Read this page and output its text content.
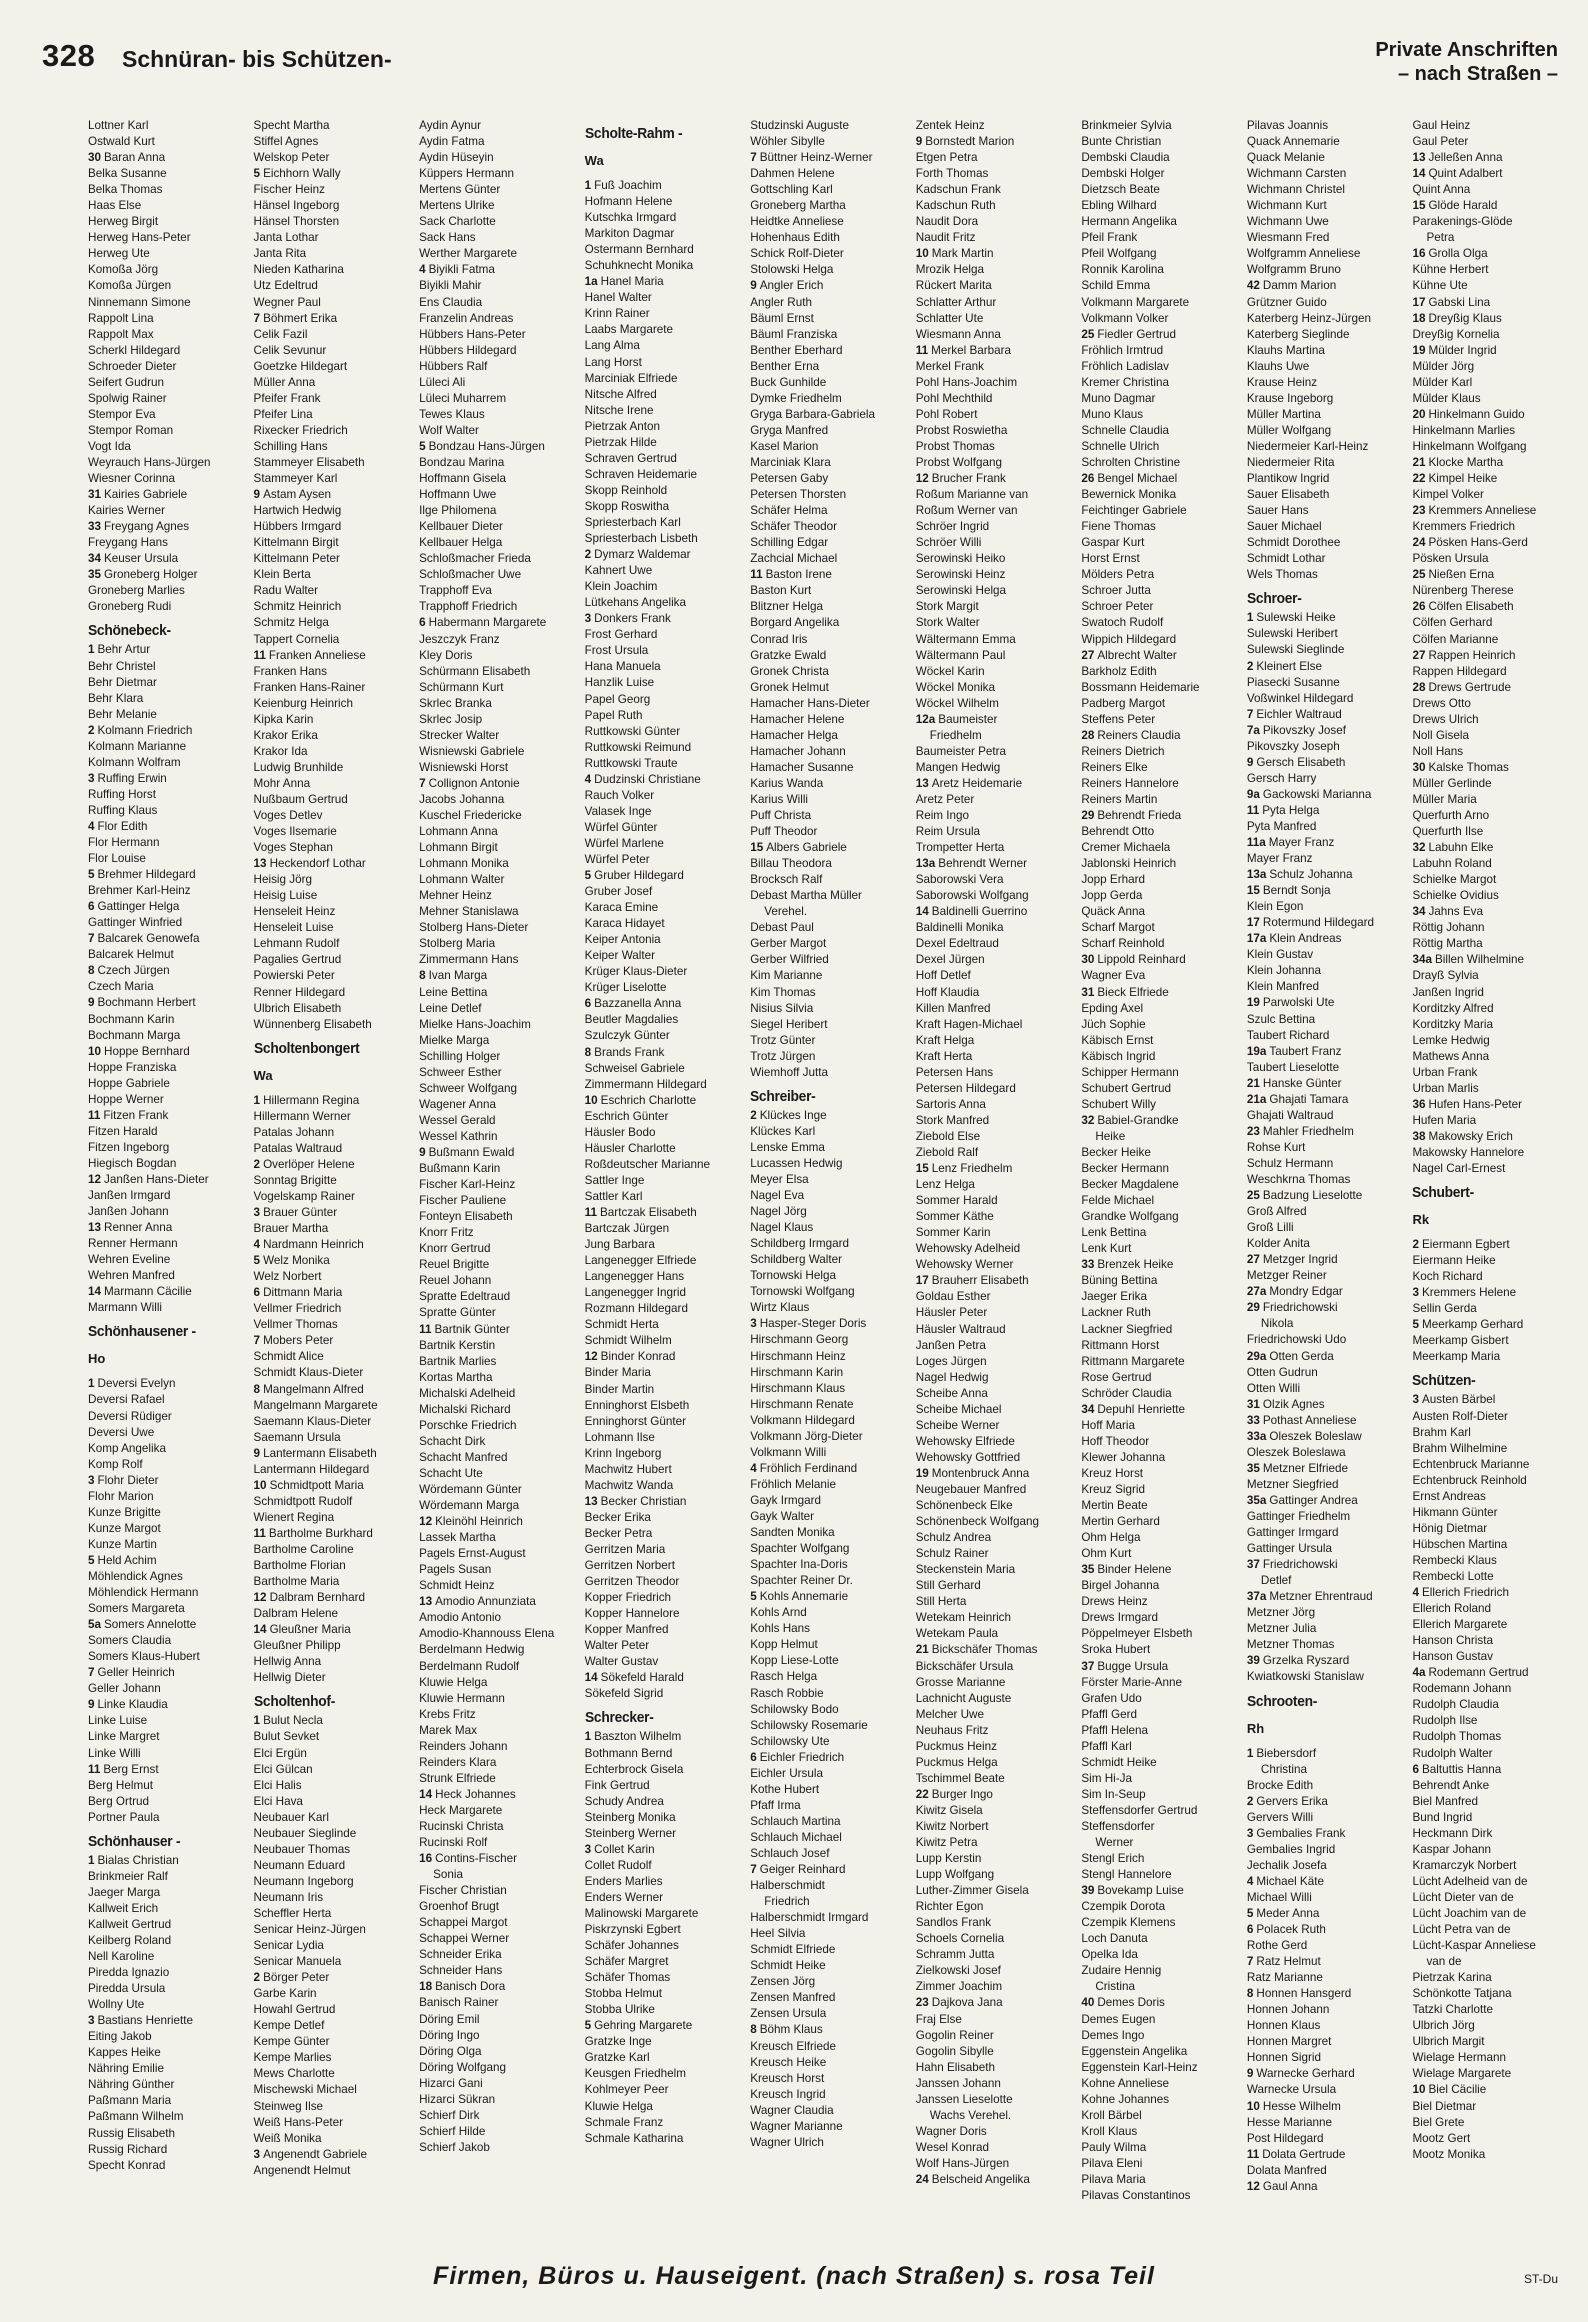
328 Schnüran- bis Schützen-	Private Anschriften
– nach Straßen –
Lottner Karl
Ostwald Kurt
30 Baran Anna
Belka Susanne
Belka Thomas
Haas Else
Herweg Birgit
Herweg Hans-Peter
Herweg Ute
Komoßa Jörg
Komoßa Jürgen
Ninnemann Simone
Rappolt Lina
Rappolt Max
Scherkl Hildegard
Schroeder Dieter
Seifert Gudrun
Spolwig Rainer
Stempor Eva
Stempor Roman
Vogt Ida
Weyrauch Hans-Jürgen
Wiesner Corinna
31 Kairies Gabriele
Kairies Werner
33 Freygang Agnes
Freygang Hans
34 Keuser Ursula
35 Groneberg Holger
Groneberg Marlies
Groneberg Rudi
Schönebeck-
1 Behr Artur
Behr Christel
Behr Dietmar
Behr Klara
Behr Melanie
2 Kolmann Friedrich
Kolmann Marianne
Kolmann Wolfram
3 Ruffing Erwin
Ruffing Horst
Ruffing Klaus
4 Flor Edith
Flor Hermann
Flor Louise
5 Brehmer Hildegard
Brehmer Karl-Heinz
6 Gattinger Helga
Gattinger Winfried
7 Balcarek Genowefa
Balcarek Helmut
8 Czech Jürgen
Czech Maria
9 Bochmann Herbert
Bochmann Karin
Bochmann Marga
10 Hoppe Bernhard
Hoppe Franziska
Hoppe Gabriele
Hoppe Werner
11 Fitzen Frank
Fitzen Harald
Fitzen Ingeborg
Hiegisch Bogdan
12 Janßen Hans-Dieter
Janßen Irmgard
Janßen Johann
13 Renner Anna
Renner Hermann
Wehren Eveline
Wehren Manfred
14 Marmann Cäcilie
Marmann Willi
Schönhausener -
Ho
1 Deversi Evelyn
Deversi Rafael
Deversi Rüdiger
Deversi Uwe
Komp Angelika
Komp Rolf
3 Flohr Dieter
Flohr Marion
Kunze Brigitte
Kunze Margot
Kunze Martin
5 Held Achim
Möhlendick Agnes
Möhlendick Hermann
Somers Margareta
5a Somers Annelotte
Somers Claudia
Somers Klaus-Hubert
7 Geller Heinrich
Geller Johann
9 Linke Klaudia
Linke Luise
Linke Margret
Linke Willi
11 Berg Ernst
Berg Helmut
Berg Ortrud
Portner Paula
Schönhauser -
1 Bialas Christian
Brinkmeier Ralf
Jaeger Marga
Kallweit Erich
Kallweit Gertrud
Keilberg Roland
Nell Karoline
Piredda Ignazio
Piredda Ursula
Wollny Ute
3 Bastians Henriette
Eiting Jakob
Kappes Heike
Nähring Emilie
Nähring Günther
Paßmann Maria
Paßmann Wilhelm
Russig Elisabeth
Russig Richard
Specht Konrad
Specht Martha
Stiffel Agnes
Welskop Peter
5 Eichhorn Wally
Fischer Heinz
Hänsel Ingeborg
Hänsel Thorsten
Janta Lothar
Janta Rita
Nieden Katharina
Utz Edeltrud
Wegner Paul
7 Böhmert Erika
Celik Fazil
Celik Sevunur
Goetzke Hildegart
Müller Anna
Pfeifer Frank
Pfeifer Lina
Rixecker Friedrich
Schilling Hans
Stammeyer Elisabeth
Stammeyer Karl
9 Astam Aysen
Hartwich Hedwig
Hübbers Irmgard
Kittelmann Birgit
Kittelmann Peter
Klein Berta
Radu Walter
Schmitz Heinrich
Schmitz Helga
Tappert Cornelia
11 Franken Anneliese
Franken Hans
Franken Hans-Rainer
Keienburg Heinrich
Kipka Karin
Krakor Erika
Krakor Ida
Ludwig Brunhilde
Mohr Anna
Nußbaum Gertrud
Voges Detlev
Voges Ilsemarie
Voges Stephan
13 Heckendorf Lothar
Heisig Jörg
Heisig Luise
Henseleit Heinz
Henseleit Luise
Lehmann Rudolf
Pagalies Gertrud
Powierski Peter
Renner Hildegard
Ulbrich Elisabeth
Wünnenberg Elisabeth
Scholtenbongert
Wa
1 Hillermann Regina
Hillermann Werner
Patalas Johann
Patalas Waltraud
2 Overlöper Helene
Sonntag Brigitte
Vogelskamp Rainer
3 Brauer Günter
Brauer Martha
4 Nardmann Heinrich
5 Welz Monika
Welz Norbert
6 Dittmann Maria
Vellmer Friedrich
Vellmer Thomas
7 Mobers Peter
Schmidt Alice
Schmidt Klaus-Dieter
8 Mangelmann Alfred
Mangelmann Margarete
Saemann Klaus-Dieter
Saemann Ursula
9 Lantermann Elisabeth
Lantermann Hildegard
10 Schmidtpott Maria
Schmidtpott Rudolf
Wienert Regina
11 Bartholme Burkhard
Bartholme Caroline
Bartholme Florian
Bartholme Maria
12 Dalbram Bernhard
Dalbram Helene
14 Gleußner Maria
Gleußner Philipp
Hellwig Anna
Hellwig Dieter
Scholtenhof-
1 Bulut Necla
Bulut Sevket
Elci Ergün
Elci Gülcan
Elci Halis
Elci Hava
Neubauer Karl
Neubauer Sieglinde
Neubauer Thomas
Neumann Eduard
Neumann Ingeborg
Neumann Iris
Scheffler Herta
Senicar Heinz-Jürgen
Senicar Lydia
Senicar Manuela
2 Börger Peter
Garbe Karin
Howahl Gertrud
Kempe Detlef
Kempe Günter
Kempe Marlies
Mews Charlotte
Mischewski Michael
Steinweg Ilse
Weiß Hans-Peter
Weiß Monika
3 Angenendt Gabriele
Angenendt Helmut
Aydin Aynur
Aydin Fatma
Aydin Hüseyin
Küppers Hermann
Mertens Günter
Mertens Ulrike
Sack Charlotte
Sack Hans
Werther Margarete
4 Biyikli Fatma
Biyikli Mahir
Ens Claudia
Franzelin Andreas
Hübbers Hans-Peter
Hübbers Hildegard
Hübbers Ralf
Lüleci Ali
Lüleci Muharrem
Tewes Klaus
Wolf Walter
5 Bondzau Hans-Jürgen
Bondzau Marina
Hoffmann Gisela
Hoffmann Uwe
Ilge Philomena
Kellbauer Dieter
Kellbauer Helga
Schloßmacher Frieda
Schloßmacher Uwe
Trapphoff Eva
Trapphoff Friedrich
6 Habermann Margarete
Jeszczyk Franz
Kley Doris
Schürmann Elisabeth
Schürmann Kurt
Skrlec Branka
Skrlec Josip
Strecker Walter
Wisniewski Gabriele
Wisniewski Horst
7 Collignon Antonie
Jacobs Johanna
Kuschel Friedericke
Lohmann Anna
Lohmann Birgit
Lohmann Monika
Lohmann Walter
Mehner Heinz
Mehner Stanislawa
Stolberg Hans-Dieter
Stolberg Maria
Zimmermann Hans
8 Ivan Marga
Leine Bettina
Leine Detlef
Mielke Hans-Joachim
Mielke Marga
Schilling Holger
Schweer Esther
Schweer Wolfgang
Wagener Anna
Wessel Gerald
Wessel Kathrin
9 Bußmann Ewald
Bußmann Karin
Fischer Karl-Heinz
Fischer Pauliene
Fonteyn Elisabeth
Knorr Fritz
Knorr Gertrud
Reuel Brigitte
Reuel Johann
Spratte Edeltraud
Spratte Günter
11 Bartnik Günter
Bartnik Kerstin
Bartnik Marlies
Kortas Martha
Michalski Adelheid
Michalski Richard
Porschke Friedrich
Schacht Dirk
Schacht Manfred
Schacht Ute
Wördemann Günter
Wördemann Marga
12 Kleinöhl Heinrich
Lassek Martha
Pagels Ernst-August
Pagels Susan
Schmidt Heinz
13 Amodio Annunziata
Amodio Antonio
Amodio-Khannouss Elena
Berdelmann Hedwig
Berdelmann Rudolf
Kluwie Helga
Kluwie Hermann
Krebs Fritz
Marek Max
Reinders Johann
Reinders Klara
Strunk Elfriede
14 Heck Johannes
Heck Margarete
Rucinski Christa
Rucinski Rolf
16 Contins-Fischer
Sonia
Fischer Christian
Groenhof Brugt
Schappei Margot
Schappei Werner
Schneider Erika
Schneider Hans
18 Banisch Dora
Banisch Rainer
Döring Emil
Döring Ingo
Döring Olga
Döring Wolfgang
Hizarci Gani
Hizarci Sükran
Schierf Dirk
Schierf Hilde
Schierf Jakob
Scholte-Rahm -
Wa
1 Fuß Joachim
Hofmann Helene
Kutschka Irmgard
Markiton Dagmar
Ostermann Bernhard
Schuhknecht Monika
1a Hanel Maria
Hanel Walter
Krinn Rainer
Laabs Margarete
Lang Alma
Lang Horst
Marciniak Elfriede
Nitsche Alfred
Nitsche Irene
Pietrzak Anton
Pietrzak Hilde
Schraven Gertrud
Schraven Heidemarie
Skopp Reinhold
Skopp Roswitha
Spriesterbach Karl
Spriesterbach Lisbeth
2 Dymarz Waldemar
Kahnert Uwe
Klein Joachim
Lütkehans Angelika
3 Donkers Frank
Frost Gerhard
Frost Ursula
Hana Manuela
Hanzlik Luise
Papel Georg
Papel Ruth
Ruttkowski Günter
Ruttkowski Reimund
Ruttkowski Traute
4 Dudzinski Christiane
Rauch Volker
Valasek Inge
Würfel Günter
Würfel Marlene
Würfel Peter
5 Gruber Hildegard
Gruber Josef
Karaca Emine
Karaca Hidayet
Keiper Antonia
Keiper Walter
Krüger Klaus-Dieter
Krüger Liselotte
6 Bazzanella Anna
Beutler Magdalies
Szulczyk Günter
8 Brands Frank
Schweisel Gabriele
Zimmermann Hildegard
10 Eschrich Charlotte
Eschrich Günter
Häusler Bodo
Häusler Charlotte
Roßdeutscher Marianne
Sattler Inge
Sattler Karl
11 Bartczak Elisabeth
Bartczak Jürgen
Jung Barbara
Langenegger Elfriede
Langenegger Hans
Langenegger Ingrid
Rozmann Hildegard
Schmidt Herta
Schmidt Wilhelm
12 Binder Konrad
Binder Maria
Binder Martin
Enninghorst Elsbeth
Enninghorst Günter
Lohmann Ilse
Krinn Ingeborg
Machwitz Hubert
Machwitz Wanda
13 Becker Christian
Becker Erika
Becker Petra
Gerritzen Maria
Gerritzen Norbert
Gerritzen Theodor
Kopper Friedrich
Kopper Hannelore
Kopper Manfred
Walter Peter
Walter Gustav
14 Sökefeld Harald
Sökefeld Sigrid
Schrecker-
1 Baszton Wilhelm
Bothmann Bernd
Echterbrock Gisela
Fink Gertrud
Schudy Andrea
Steinberg Monika
Steinberg Werner
3 Collet Karin
Collet Rudolf
Enders Marlies
Enders Werner
Malinowski Margarete
Piskrzynski Egbert
Schäfer Johannes
Schäfer Margret
Schäfer Thomas
Stobba Helmut
Stobba Ulrike
5 Gehring Margarete
Gratzke Inge
Gratzke Karl
Keusgen Friedhelm
Kohlmeyer Peer
Kluwie Helga
Schmale Franz
Schmale Katharina
Studzinski Auguste
Wöhler Sibylle
7 Büttner Heinz-Werner
Dahmen Helene
Gottschling Karl
Groneberg Martha
Heidtke Anneliese
Hohenhaus Edith
Schick Rolf-Dieter
Stolowski Helga
9 Angler Erich
Angler Ruth
Bäuml Ernst
Bäuml Franziska
Benther Eberhard
Benther Erna
Buck Gunhilde
Dymke Friedhelm
Gryga Barbara-Gabriela
Gryga Manfred
Kasel Marion
Marciniak Klara
Petersen Gaby
Petersen Thorsten
Schäfer Helma
Schäfer Theodor
Schilling Edgar
Zachcial Michael
11 Baston Irene
Baston Kurt
Blitzner Helga
Borgard Angelika
Conrad Iris
Gratzke Ewald
Gronek Christa
Gronek Helmut
Hamacher Hans-Dieter
Hamacher Helene
Hamacher Helga
Hamacher Johann
Hamacher Susanne
Karius Wanda
Karius Willi
Puff Christa
Puff Theodor
15 Albers Gabriele
Billau Theodora
Brocksch Ralf
Debast Martha Müller
Verehel.
Debast Paul
Gerber Margot
Gerber Wilfried
Kim Marianne
Kim Thomas
Nisius Silvia
Siegel Heribert
Trotz Günter
Trotz Jürgen
Wiemhoff Jutta
Schreiber-
2 Klückes Inge
Klückes Karl
Lenske Emma
Lucassen Hedwig
Meyer Elsa
Nagel Eva
Nagel Jörg
Nagel Klaus
Schildberg Irmgard
Schildberg Walter
Tornowski Helga
Tornowski Wolfgang
Wirtz Klaus
3 Hasper-Steger Doris
Hirschmann Georg
Hirschmann Heinz
Hirschmann Karin
Hirschmann Klaus
Hirschmann Renate
Volkmann Hildegard
Volkmann Jörg-Dieter
Volkmann Willi
4 Fröhlich Ferdinand
Fröhlich Melanie
Gayk Irmgard
Gayk Walter
Sandten Monika
Spachter Wolfgang
Spachter Ina-Doris
Spachter Reiner Dr.
5 Kohls Annemarie
Kohls Arnd
Kohls Hans
Kopp Helmut
Kopp Liese-Lotte
Rasch Helga
Rasch Robbie
Schilowsky Bodo
Schilowsky Rosemarie
Schilowsky Ute
6 Eichler Friedrich
Eichler Ursula
Kothe Hubert
Pfaff Irma
Schlauch Martina
Schlauch Michael
Schlauch Josef
7 Geiger Reinhard
Halberschmidt
Friedrich
Halberschmidt Irmgard
Heel Silvia
Schmidt Elfriede
Schmidt Heike
Zensen Jörg
Zensen Manfred
Zensen Ursula
8 Böhm Klaus
Kreusch Elfriede
Kreusch Heike
Kreusch Horst
Kreusch Ingrid
Wagner Claudia
Wagner Marianne
Wagner Ulrich
Zentek Heinz
9 Bornstedt Marion
Etgen Petra
Forth Thomas
Kadschun Frank
Kadschun Ruth
Naudit Dora
Naudit Fritz
10 Mark Martin
Mrozik Helga
Rückert Marita
Schlatter Arthur
Schlatter Ute
Wiesmann Anna
11 Merkel Barbara
Merkel Frank
Pohl Hans-Joachim
Pohl Mechthild
Pohl Robert
Probst Roswietha
Probst Thomas
Probst Wolfgang
12 Brucher Frank
Roßum Marianne van
Roßum Werner van
Schröer Ingrid
Schröer Willi
Serowinski Heiko
Serowinski Heinz
Serowinski Helga
Stork Margit
Stork Walter
Wältermann Emma
Wältermann Paul
Wöckel Karin
Wöckel Monika
Wöckel Wilhelm
12a Baumeister
Friedhelm
Baumeister Petra
Mangen Hedwig
13 Aretz Heidemarie
Aretz Peter
Reim Ingo
Reim Ursula
Trompetter Herta
13a Behrendt Werner
Saborowski Vera
Saborowski Wolfgang
14 Baldinelli Guerrino
Baldinelli Monika
Dexel Edeltraud
Dexel Jürgen
Hoff Detlef
Hoff Klaudia
Killen Manfred
Kraft Hagen-Michael
Kraft Helga
Kraft Herta
Petersen Hans
Petersen Hildegard
Sartoris Anna
Stork Manfred
Ziebold Else
Ziebold Ralf
15 Lenz Friedhelm
Lenz Helga
Sommer Harald
Sommer Käthe
Sommer Karin
Wehowsky Adelheid
Wehowsky Werner
17 Brauherr Elisabeth
Goldau Esther
Häusler Peter
Häusler Waltraud
Janßen Petra
Loges Jürgen
Nagel Hedwig
Scheibe Anna
Scheibe Michael
Scheibe Werner
Wehowsky Elfriede
Wehowsky Gottfried
19 Montenbruck Anna
Neugebauer Manfred
Schönenbeck Elke
Schönenbeck Wolfgang
Schulz Andrea
Schulz Rainer
Steckenstein Maria
Still Gerhard
Still Herta
Wetekam Heinrich
Wetekam Paula
21 Bickschäfer Thomas
Bickschäfer Ursula
Grosse Marianne
Lachnicht Auguste
Melcher Uwe
Neuhaus Fritz
Puckmus Heinz
Puckmus Helga
Tschimmel Beate
22 Burger Ingo
Kiwitz Gisela
Kiwitz Norbert
Kiwitz Petra
Lupp Kerstin
Lupp Wolfgang
Luther-Zimmer Gisela
Richter Egon
Sandlos Frank
Schoels Cornelia
Schramm Jutta
Zielkowski Josef
Zimmer Joachim
23 Dajkova Jana
Fraj Else
Gogolin Reiner
Gogolin Sibylle
Hahn Elisabeth
Janssen Johann
Janssen Lieselotte
Wachs Verehel.
Wagner Doris
Wesel Konrad
Wolf Hans-Jürgen
24 Belscheid Angelika
Brinkmeier Sylvia
Bunte Christian
Dembski Claudia
Dembski Holger
Dietzsch Beate
Ebling Wilhard
Hermann Angelika
Pfeil Frank
Pfeil Wolfgang
Ronnik Karolina
Schild Emma
Volkmann Margarete
Volkmann Volker
25 Fiedler Gertrud
Fröhlich Irmtrud
Fröhlich Ladislav
Kremer Christina
Muno Dagmar
Muno Klaus
Schnelle Claudia
Schnelle Ulrich
Schrolten Christine
26 Bengel Michael
Bewernick Monika
Feichtinger Gabriele
Fiene Thomas
Gaspar Kurt
Horst Ernst
Mölders Petra
Schroer Jutta
Schroer Peter
Swatoch Rudolf
Wippich Hildegard
27 Albrecht Walter
Barkholz Edith
Bossmann Heidemarie
Padberg Margot
Steffens Peter
28 Reiners Claudia
Reiners Dietrich
Reiners Elke
Reiners Hannelore
Reiners Martin
29 Behrendt Frieda
Behrendt Otto
Cremer Michaela
Jablonski Heinrich
Jopp Erhard
Jopp Gerda
Quäck Anna
Scharf Margot
Scharf Reinhold
30 Lippold Reinhard
Wagner Eva
31 Bieck Elfriede
Epding Axel
Jüch Sophie
Käbisch Ernst
Käbisch Ingrid
Schipper Hermann
Schubert Gertrud
Schubert Willy
32 Babiel-Grandke
Heike
Becker Heike
Becker Hermann
Becker Magdalene
Felde Michael
Grandke Wolfgang
Lenk Bettina
Lenk Kurt
33 Brenzek Heike
Büning Bettina
Jaeger Erika
Lackner Ruth
Lackner Siegfried
Rittmann Horst
Rittmann Margarete
Rose Gertrud
Schröder Claudia
34 Depuhl Henriette
Hoff Maria
Hoff Theodor
Klewer Johanna
Kreuz Horst
Kreuz Sigrid
Mertin Beate
Mertin Gerhard
Ohm Helga
Ohm Kurt
35 Binder Helene
Birgel Johanna
Drews Heinz
Drews Irmgard
Pöppelmeyer Elsbeth
Sroka Hubert
37 Bugge Ursula
Förster Marie-Anne
Grafen Udo
Pfaffl Gerd
Pfaffl Helena
Pfaffl Karl
Schmidt Heike
Sim Hi-Ja
Sim In-Seup
Steffensdorfer Gertrud
Steffensdorfer
Werner
Stengl Erich
Stengl Hannelore
39 Bovekamp Luise
Czempik Dorota
Czempik Klemens
Loch Danuta
Opelka Ida
Zudaire Hennig
Cristina
40 Demes Doris
Demes Eugen
Demes Ingo
Eggenstein Angelika
Eggenstein Karl-Heinz
Kohne Anneliese
Kohne Johannes
Kroll Bärbel
Kroll Klaus
Pauly Wilma
Pilava Eleni
Pilava Maria
Pilavas Constantinos
Pilavas Joannis
Quack Annemarie
Quack Melanie
Wichmann Carsten
Wichmann Christel
Wichmann Kurt
Wichmann Uwe
Wiesmann Fred
Wolfgramm Anneliese
Wolfgramm Bruno
42 Damm Marion
Grützner Guido
Katerberg Heinz-Jürgen
Katerberg Sieglinde
Klauhs Martina
Klauhs Uwe
Krause Heinz
Krause Ingeborg
Müller Martina
Müller Wolfgang
Niedermeier Karl-Heinz
Niedermeier Rita
Plantikow Ingrid
Sauer Elisabeth
Sauer Hans
Sauer Michael
Schmidt Dorothee
Schmidt Lothar
Wels Thomas
Schroer-
1 Sulewski Heike
Sulewski Heribert
Sulewski Sieglinde
2 Kleinert Else
Piasecki Susanne
Voßwinkel Hildegard
7 Eichler Waltraud
7a Pikovszky Josef
Pikovszky Joseph
9 Gersch Elisabeth
Gersch Harry
9a Gackowski Marianna
11 Pyta Helga
Pyta Manfred
11a Mayer Franz
Mayer Franz
13a Schulz Johanna
15 Berndt Sonja
Klein Egon
17 Rotermund Hildegard
17a Klein Andreas
Klein Gustav
Klein Johanna
Klein Manfred
19 Parwolski Ute
Szulc Bettina
Taubert Richard
19a Taubert Franz
Taubert Lieselotte
21 Hanske Günter
21a Ghajati Tamara
Ghajati Waltraud
23 Mahler Friedhelm
Rohse Kurt
Schulz Hermann
Weschkrna Thomas
25 Badzung Lieselotte
Groß Alfred
Groß Lilli
Kolder Anita
27 Metzger Ingrid
Metzger Reiner
27a Mondry Edgar
29 Friedrichowski
Nikola
Friedrichowski Udo
29a Otten Gerda
Otten Gudrun
Otten Willi
31 Olzik Agnes
33 Pothast Anneliese
33a Oleszek Boleslaw
Oleszek Boleslawa
35 Metzner Elfriede
Metzner Siegfried
35a Gattinger Andrea
Gattinger Friedhelm
Gattinger Irmgard
Gattinger Ursula
37 Friedrichowski
Detlef
37a Metzner Ehrentraud
Metzner Jörg
Metzner Julia
Metzner Thomas
39 Grzelka Ryszard
Kwiatkowski Stanislaw
Schrooten-
Rh
1 Biebersdorf
Christina
Brocke Edith
2 Gervers Erika
Gervers Willi
3 Gembalies Frank
Gembalies Ingrid
Jechalik Josefa
4 Michael Käte
Michael Willi
5 Meder Anna
6 Polacek Ruth
Rothe Gerd
7 Ratz Helmut
Ratz Marianne
8 Honnen Hansgerd
Honnen Johann
Honnen Klaus
Honnen Margret
Honnen Sigrid
9 Warnecke Gerhard
Warnecke Ursula
10 Hesse Wilhelm
Hesse Marianne
Post Hildegard
11 Dolata Gertrude
Dolata Manfred
12 Gaul Anna
Gaul Heinz
Gaul Peter
13 Jelleßen Anna
14 Quint Adalbert
Quint Anna
15 Glöde Harald
Parakenings-Glöde
Petra
16 Grolla Olga
Kühne Herbert
Kühne Ute
17 Gabski Lina
18 Dreyßig Klaus
Dreyßig Kornelia
19 Mülder Ingrid
Mülder Jörg
Mülder Karl
Mülder Klaus
20 Hinkelmann Guido
Hinkelmann Marlies
Hinkelmann Wolfgang
21 Klocke Martha
22 Kimpel Heike
Kimpel Volker
23 Kremmers Anneliese
Kremmers Friedrich
24 Pösken Hans-Gerd
Pösken Ursula
25 Nießen Erna
Nürenberg Therese
26 Cölfen Elisabeth
Cölfen Gerhard
Cölfen Marianne
27 Rappen Heinrich
Rappen Hildegard
28 Drews Gertrude
Drews Otto
Drews Ulrich
Noll Gisela
Noll Hans
30 Kalske Thomas
Müller Gerlinde
Müller Maria
Querfurth Arno
Querfurth Ilse
32 Labuhn Elke
Labuhn Roland
Schielke Margot
Schielke Ovidius
34 Jahns Eva
Röttig Johann
Röttig Martha
34a Billen Wilhelmine
Drayß Sylvia
Janßen Ingrid
Korditzky Alfred
Korditzky Maria
Lemke Hedwig
Mathews Anna
Urban Frank
Urban Marlis
36 Hufen Hans-Peter
Hufen Maria
38 Makowsky Erich
Makowsky Hannelore
Nagel Carl-Ernest
Schubert-
Rk
2 Eiermann Egbert
Eiermann Heike
Koch Richard
3 Kremmers Helene
Sellin Gerda
5 Meerkamp Gerhard
Meerkamp Gisbert
Meerkamp Maria
Schützen-
3 Austen Bärbel
Austen Rolf-Dieter
Brahm Karl
Brahm Wilhelmine
Echtenbruck Marianne
Echtenbruck Reinhold
Ernst Andreas
Hikmann Günter
Hönig Dietmar
Hübschen Martina
Rembecki Klaus
Rembecki Lotte
4 Ellerich Friedrich
Ellerich Roland
Ellerich Margarete
Hanson Christa
Hanson Gustav
4a Rodemann Gertrud
Rodemann Johann
Rudolph Claudia
Rudolph Ilse
Rudolph Thomas
Rudolph Walter
6 Baltuttis Hanna
Behrendt Anke
Biel Manfred
Bund Ingrid
Heckmann Dirk
Kaspar Johann
Kramarczyk Norbert
Lücht Adelheid van de
Lücht Dieter van de
Lücht Joachim van de
Lücht Petra van de
Lücht-Kaspar Anneliese
van de
Pietrzak Karina
Schönkotte Tatjana
Tatzki Charlotte
Ulbrich Jörg
Ulbrich Margit
Wielage Hermann
Wielage Margarete
10 Biel Cäcilie
Biel Dietmar
Biel Grete
Mootz Gert
Mootz Monika
Firmen, Büros u. Hauseigent. (nach Straßen) s. rosa Teil	ST-Du
